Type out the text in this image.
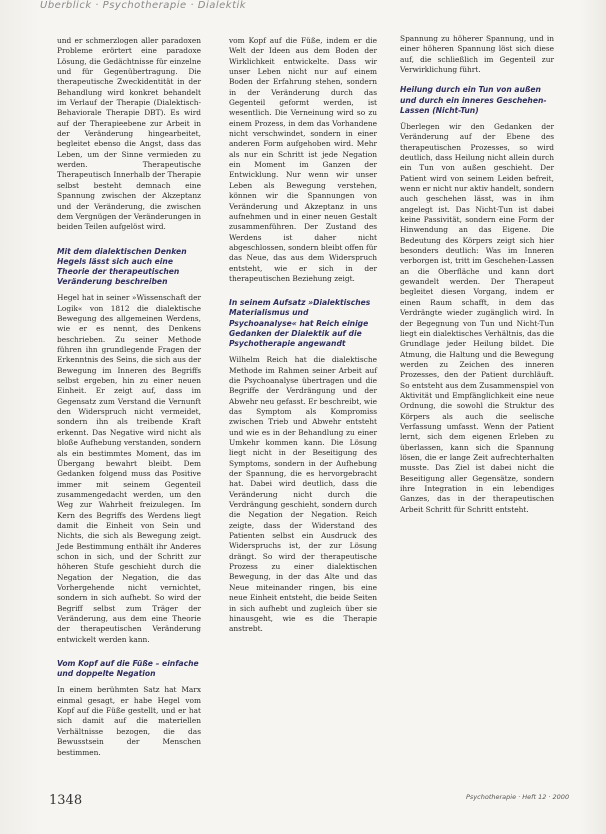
Überblick · Psychotherapie · Dialektik

und er schmerzlogen aller paradoxen Probleme erörtert eine paradoxe Lösung, die Gedächtnisse für einzelne und für Gegenübertragung. Die therapeutische Zweckidentität in der Behandlung wird konkret behandelt im Verlauf der Therapie (Dialektisch-Behaviorale Therapie DBT). Es wird auf der Therapieebene zur Arbeit in der Veränderung hingearbeitet, begleitet ebenso die Angst, dass das Leben, um der Sinne vermieden zu werden. Therapeutische Therapeutisch Innerhalb der Therapie selbst besteht demnach eine Spannung zwischen der Akzeptanz und der Veränderung, die zwischen dem Vergnügen der Veränderungen in beiden Teilen aufgelöst wird.

Mit dem dialektischen Denken Hegels lässt sich auch eine Theorie der therapeutischen Veränderung beschreiben

Hegel hat in seiner »Wissenschaft der Logik« von 1812 die dialektische Bewegung des allgemeinen Werdens, wie er es nennt, des Denkens beschrieben. Zu seiner Methode führen ihn grundlegende Fragen der Erkenntnis des Seins, die sich aus der Bewegung im Inneren des Begriffs selbst ergeben, hin zu einer neuen Einheit. Er zeigt auf, dass im Gegensatz zum Verstand die Vernunft den Widerspruch nicht vermeidet, sondern ihn als treibende Kraft erkennt. Das Negative wird nicht als bloße Aufhebung verstanden, sondern als ein bestimmtes Moment, das im Übergang bewahrt bleibt. Dem Gedanken folgend muss das Positive immer mit seinem Gegenteil zusammengedacht werden, um den Weg zur Wahrheit freizulegen. Im Kern des Begriffs des Werdens liegt damit die Einheit von Sein und Nichts, die sich als Bewegung zeigt. Jede Bestimmung enthält ihr Anderes schon in sich, und der Schritt zur höheren Stufe geschieht durch die Negation der Negation, die das Vorhergehende nicht vernichtet, sondern in sich aufhebt. So wird der Begriff selbst zum Träger der Veränderung, aus dem eine Theorie der therapeutischen Veränderung entwickelt werden kann.

Vom Kopf auf die Füße – einfache und doppelte Negation

In einem berühmten Satz hat Marx einmal gesagt, er habe Hegel vom Kopf auf die Füße gestellt, und er hat sich damit auf die materiellen Verhältnisse bezogen, die das Bewusstsein der Menschen bestimmen.

vom Kopf auf die Füße, indem er die Welt der Ideen aus dem Boden der Wirklichkeit entwickelte. Dass wir unser Leben nicht nur auf einem Boden der Erfahrung stehen, sondern in der Veränderung durch das Gegenteil geformt werden, ist wesentlich. Die Verneinung wird so zu einem Prozess, in dem das Vorhandene nicht verschwindet, sondern in einer anderen Form aufgehoben wird. Mehr als nur ein Schritt ist jede Negation ein Moment im Ganzen der Entwicklung. Nur wenn wir unser Leben als Bewegung verstehen, können wir die Spannungen von Veränderung und Akzeptanz in uns aufnehmen und in einer neuen Gestalt zusammenführen. Der Zustand des Werdens ist daher nicht abgeschlossen, sondern bleibt offen für das Neue, das aus dem Widerspruch entsteht, wie er sich in der therapeutischen Beziehung zeigt.

In seinem Aufsatz »Dialektisches Materialismus und Psychoanalyse« hat Reich einige Gedanken der Dialektik auf die Psychotherapie angewandt

Wilhelm Reich hat die dialektische Methode im Rahmen seiner Arbeit auf die Psychoanalyse übertragen und die Begriffe der Verdrängung und der Abwehr neu gefasst. Er beschreibt, wie das Symptom als Kompromiss zwischen Trieb und Abwehr entsteht und wie es in der Behandlung zu einer Umkehr kommen kann. Die Lösung liegt nicht in der Beseitigung des Symptoms, sondern in der Aufhebung der Spannung, die es hervorgebracht hat. Dabei wird deutlich, dass die Veränderung nicht durch die Verdrängung geschieht, sondern durch die Negation der Negation. Reich zeigte, dass der Widerstand des Patienten selbst ein Ausdruck des Widerspruchs ist, der zur Lösung drängt. So wird der therapeutische Prozess zu einer dialektischen Bewegung, in der das Alte und das Neue miteinander ringen, bis eine neue Einheit entsteht, die beide Seiten in sich aufhebt und zugleich über sie hinausgeht, wie es die Therapie anstrebt.

Spannung zu höherer Spannung, und in einer höheren Spannung löst sich diese auf, die schließlich im Gegenteil zur Verwirklichung führt.

Heilung durch ein Tun von außen und durch ein inneres Geschehen-Lassen (Nicht-Tun)

Überlegen wir den Gedanken der Veränderung auf der Ebene des therapeutischen Prozesses, so wird deutlich, dass Heilung nicht allein durch ein Tun von außen geschieht. Der Patient wird von seinem Leiden befreit, wenn er nicht nur aktiv handelt, sondern auch geschehen lässt, was in ihm angelegt ist. Das Nicht-Tun ist dabei keine Passivität, sondern eine Form der Hinwendung an das Eigene. Die Bedeutung des Körpers zeigt sich hier besonders deutlich: Was im Inneren verborgen ist, tritt im Geschehen-Lassen an die Oberfläche und kann dort gewandelt werden. Der Therapeut begleitet diesen Vorgang, indem er einen Raum schafft, in dem das Verdrängte wieder zugänglich wird. In der Begegnung von Tun und Nicht-Tun liegt ein dialektisches Verhältnis, das die Grundlage jeder Heilung bildet. Die Atmung, die Haltung und die Bewegung werden zu Zeichen des inneren Prozesses, den der Patient durchläuft. So entsteht aus dem Zusammenspiel von Aktivität und Empfänglichkeit eine neue Ordnung, die sowohl die Struktur des Körpers als auch die seelische Verfassung umfasst. Wenn der Patient lernt, sich dem eigenen Erleben zu überlassen, kann sich die Spannung lösen, die er lange Zeit aufrechterhalten musste. Das Ziel ist dabei nicht die Beseitigung aller Gegensätze, sondern ihre Integration in ein lebendiges Ganzes, das in der therapeutischen Arbeit Schritt für Schritt entsteht.

1348	Psychotherapie · Heft 12 · 2000
